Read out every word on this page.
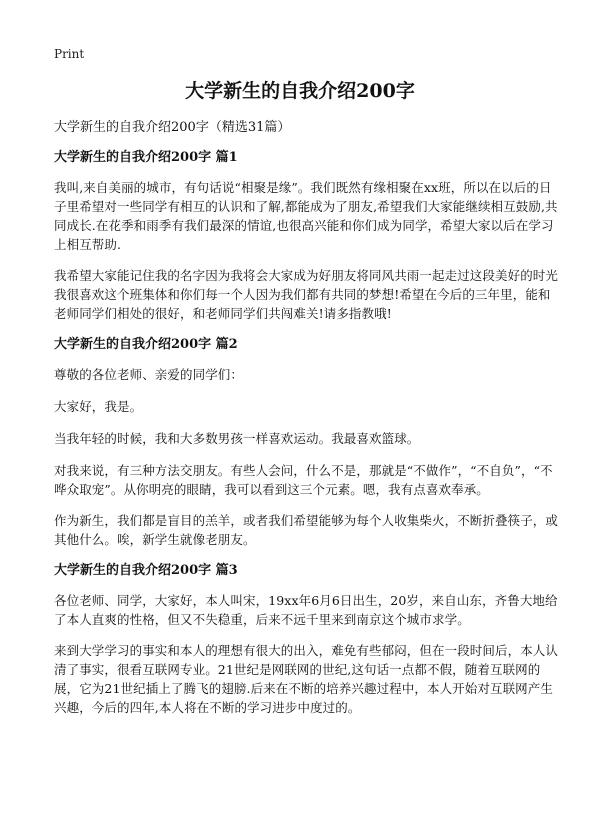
Print
大学新生的自我介绍200字

大学新生的自我介绍200字（精选31篇）

大学新生的自我介绍200字 篇1

我叫,来自美丽的城市，有句话说“相聚是缘”。我们既然有缘相聚在xx班，所以在以后的日子里希望对一些同学有相互的认识和了解,都能成为了朋友,希望我们大家能继续相互鼓励,共同成长.在花季和雨季有我们最深的情谊,也很高兴能和你们成为同学，希望大家以后在学习上相互帮助.

我希望大家能记住我的名字因为我将会大家成为好朋友将同风共雨一起走过这段美好的时光我很喜欢这个班集体和你们每一个人因为我们都有共同的梦想!希望在今后的三年里，能和老师同学们相处的很好，和老师同学们共闯难关!请多指教哦!

大学新生的自我介绍200字 篇2

尊敬的各位老师、亲爱的同学们：

大家好，我是。

当我年轻的时候，我和大多数男孩一样喜欢运动。我最喜欢篮球。

对我来说，有三种方法交朋友。有些人会问，什么不是，那就是“不做作”，“不自负”，“不哗众取宠”。从你明亮的眼睛，我可以看到这三个元素。嗯，我有点喜欢奉承。

作为新生，我们都是盲目的羔羊，或者我们希望能够为每个人收集柴火，不断折叠筷子，或其他什么。唉，新学生就像老朋友。

大学新生的自我介绍200字 篇3

各位老师、同学，大家好，本人叫宋，19xx年6月6日出生，20岁，来自山东，齐鲁大地给了本人直爽的性格，但又不失稳重，后来不远千里来到南京这个城市求学。

来到大学学习的事实和本人的理想有很大的出入，难免有些郁闷，但在一段时间后，本人认清了事实，很看互联网专业。21世纪是网联网的世纪,这句话一点都不假，随着互联网的展，它为21世纪插上了腾飞的翅膀.后来在不断的培养兴趣过程中，本人开始对互联网产生兴趣，今后的四年,本人将在不断的学习进步中度过的。
